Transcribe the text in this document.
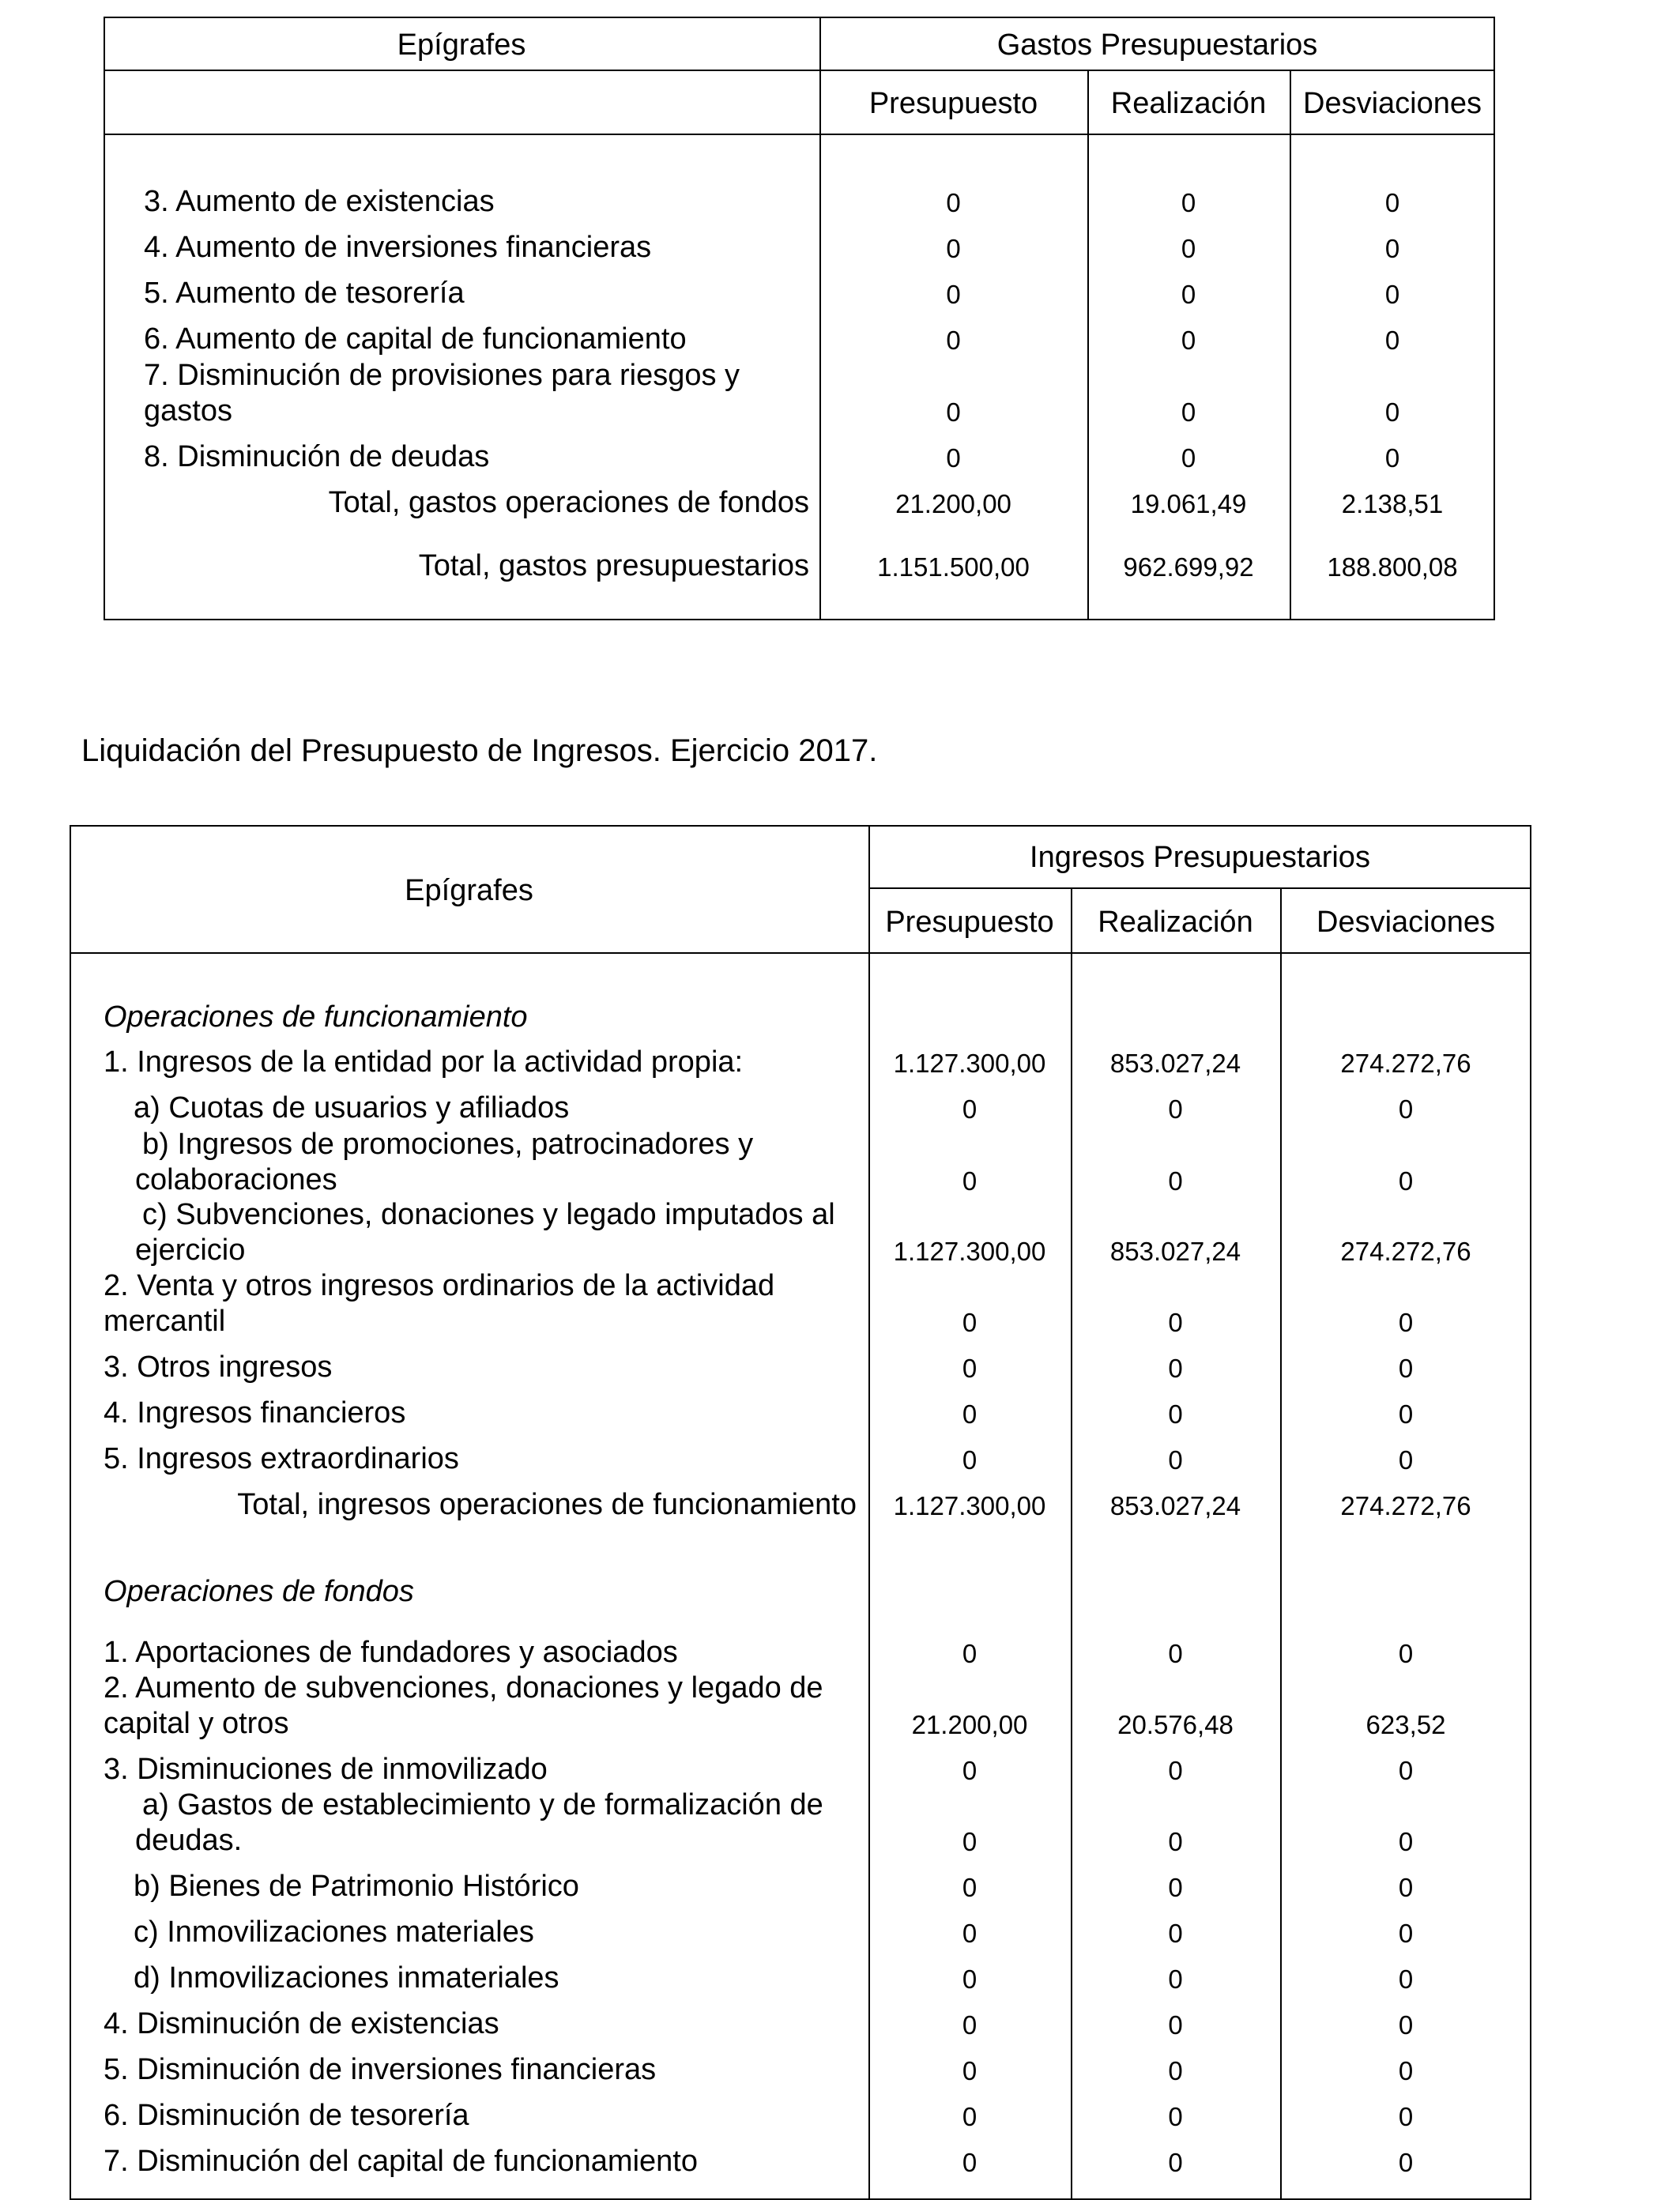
Epígrafes	Gastos Presupuestarios
Presupuesto	Realización	Desviaciones
3. Aumento de existencias	0	0	0
4. Aumento de inversiones financieras	0	0	0
5. Aumento de tesorería	0	0	0
6. Aumento de capital de funcionamiento	0	0	0
7. Disminución de provisiones para riesgos y
gastos	0	0	0
8. Disminución de deudas	0	0	0
Total, gastos operaciones de fondos	21.200,00	19.061,49	2.138,51
Total, gastos presupuestarios	1.151.500,00	962.699,92	188.800,08
Liquidación del Presupuesto de Ingresos. Ejercicio 2017.
Epígrafes
Ingresos Presupuestarios
Presupuesto	Realización	Desviaciones
Operaciones de funcionamiento
1. Ingresos de la entidad por la actividad propia:	1.127.300,00	853.027,24	274.272,76
a) Cuotas de usuarios y afiliados	0	0	0
b) Ingresos de promociones, patrocinadores y
colaboraciones	0	0	0
c) Subvenciones, donaciones y legado imputados al
ejercicio	1.127.300,00	853.027,24	274.272,76
2. Venta y otros ingresos ordinarios de la actividad
mercantil	0	0	0
3. Otros ingresos	0	0	0
4. Ingresos financieros	0	0	0
5. Ingresos extraordinarios	0	0	0
Total, ingresos operaciones de funcionamiento	1.127.300,00	853.027,24	274.272,76
Operaciones de fondos
1. Aportaciones de fundadores y asociados	0	0	0
2. Aumento de subvenciones, donaciones y legado de
capital y otros	21.200,00	20.576,48	623,52
3. Disminuciones de inmovilizado	0	0	0
a) Gastos de establecimiento y de formalización de
deudas.	0	0	0
b) Bienes de Patrimonio Histórico	0	0	0
c) Inmovilizaciones materiales	0	0	0
d) Inmovilizaciones inmateriales	0	0	0
4. Disminución de existencias	0	0	0
5. Disminución de inversiones financieras	0	0	0
6. Disminución de tesorería	0	0	0
7. Disminución del capital de funcionamiento	0	0	0
